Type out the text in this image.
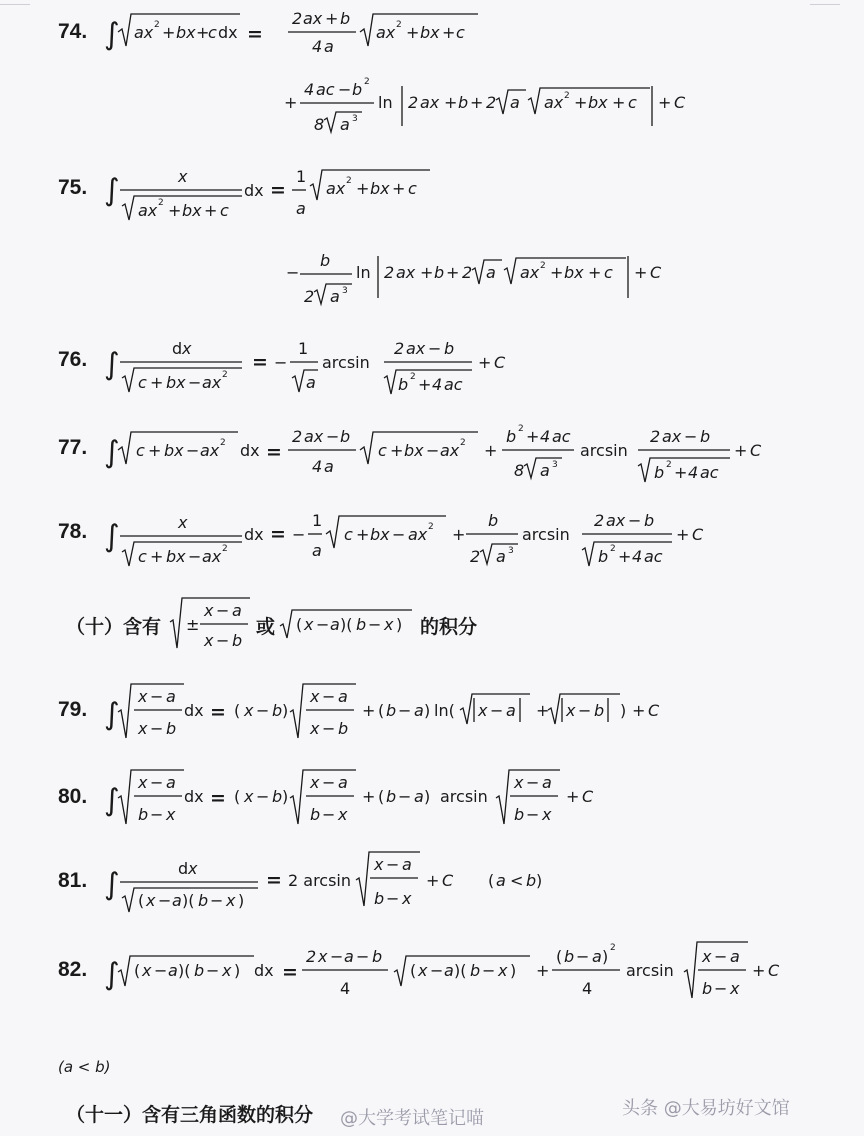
74.
75.
76.
77.
78.
79.
80.
81.
82.
∫ ax 2 + bx +
c dx =
2 ax + b
4 a
ax 2 + bx + c
+
4 ac − b 2
8 a 3
ln 2 ax + b + 2 a ax 2 + bx + c + C
∫	x
ax 2 + bx + c
dx =
1
a
ax 2 + bx + c
−
b
2 a 3
ln 2 ax + b + 2 a ax 2 + bx + c + C
∫	d x
c + bx − ax 2
= −
1
a
arcsin
2 ax − b
b 2 + 4 ac
+ C
∫ c + bx − ax 2 dx =
2 ax − b
4 a
c + bx − ax 2 +
b 2 + 4 ac
8 a 3
arcsin
2 ax − b
b 2 + 4 ac
+ C
∫	x
c + bx − ax 2
dx = −
1
a
c + bx − ax 2 +
b
2 a 3
arcsin
2 ax − b
b 2 + 4 ac
+ C
±
x − a
x − b
( x − a )( b − x )
∫
x − a
x − b
dx = ( x − b )
x − a
x − b
+ ( b − a ) ln( x − a + x − b ) + C
∫
x − a
b − x
dx = ( x − b )
x − a
b − x
+ ( b − a ) arcsin
x − a
b − x
+ C
∫	d x
( x − a )( b − x )
= 2 arcsin
x − a
b − x
+ C ( a < b )
∫ ( x − a )( b − x ) dx =
2 x − a − b
4
( x − a )( b − x ) +
( b − a ) 2
4
arcsin
x − a
b − x
+ C
（十）含有	或	的积分
(a < b)
（十一）含有三角函数的积分 @大学考试笔记喵	头条 @大易坊好文馆
